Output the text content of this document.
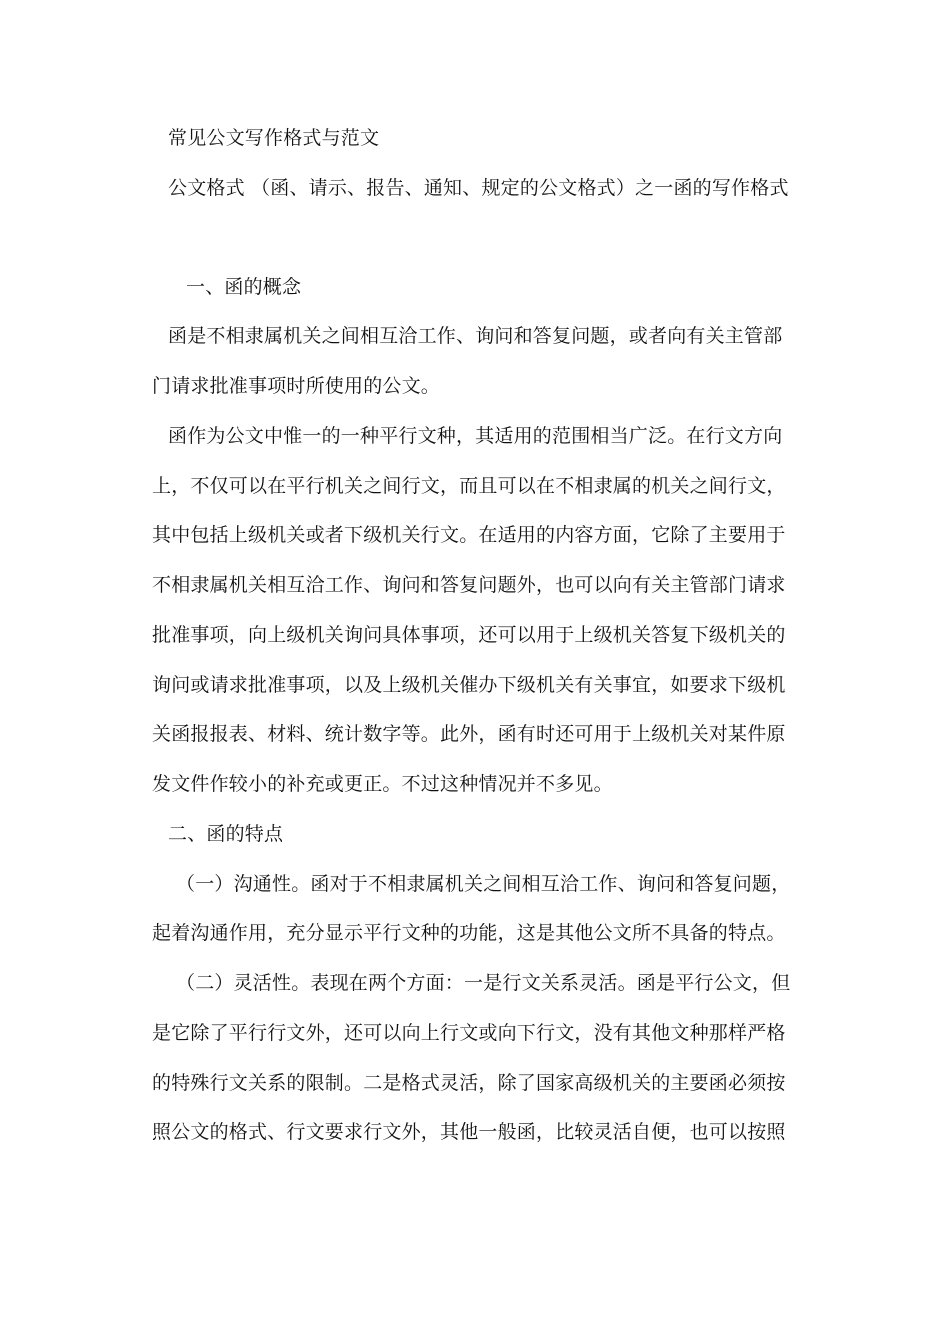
常见公文写作格式与范文
公文格式 （函、请示、报告、通知、规定的公文格式）之一函的写作格式
一、函的概念
函是不相隶属机关之间相互洽工作、询问和答复问题，或者向有关主管部
门请求批准事项时所使用的公文。
函作为公文中惟一的一种平行文种，其适用的范围相当广泛。在行文方向
上，不仅可以在平行机关之间行文，而且可以在不相隶属的机关之间行文，
其中包括上级机关或者下级机关行文。在适用的内容方面，它除了主要用于
不相隶属机关相互洽工作、询问和答复问题外，也可以向有关主管部门请求
批准事项，向上级机关询问具体事项，还可以用于上级机关答复下级机关的
询问或请求批准事项，以及上级机关催办下级机关有关事宜，如要求下级机
关函报报表、材料、统计数字等。此外，函有时还可用于上级机关对某件原
发文件作较小的补充或更正。不过这种情况并不多见。
二、函的特点
（一）沟通性。函对于不相隶属机关之间相互洽工作、询问和答复问题，
起着沟通作用，充分显示平行文种的功能，这是其他公文所不具备的特点。
（二）灵活性。表现在两个方面：一是行文关系灵活。函是平行公文，但
是它除了平行行文外，还可以向上行文或向下行文，没有其他文种那样严格
的特殊行文关系的限制。二是格式灵活，除了国家高级机关的主要函必须按
照公文的格式、行文要求行文外，其他一般函，比较灵活自便，也可以按照
